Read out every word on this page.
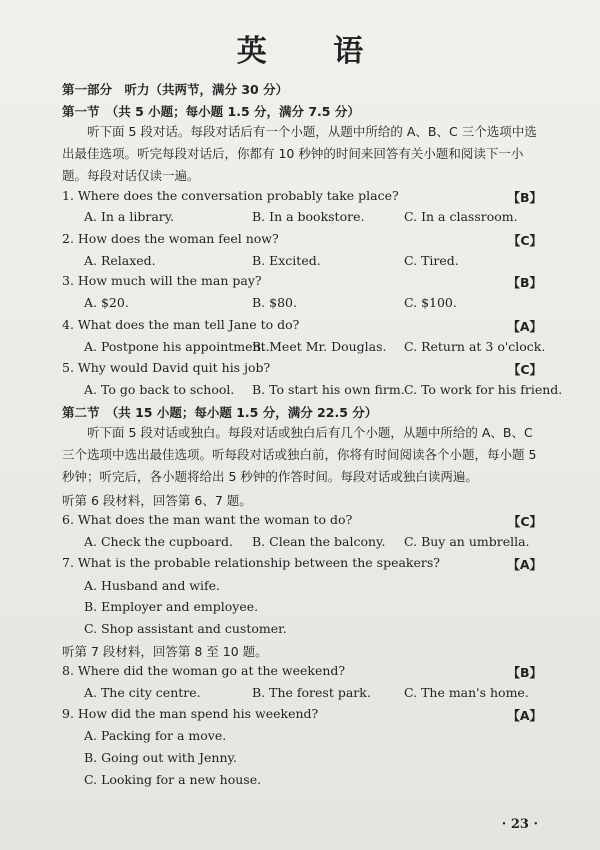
英 语
第一部分　听力（共两节，满分 30 分）
第一节　（共 5 小题；每小题 1.5 分，满分 7.5 分）
听下面 5 段对话。每段对话后有一个小题，从题中所给的 A、B、C 三个选项中选出最佳选项。听完每段对话后，你都有 10 秒钟的时间来回答有关小题和阅读下一小题。每段对话仅读一遍。
1. Where does the conversation probably take place?	【B】
A. In a library.	B. In a bookstore.	C. In a classroom.
2. How does the woman feel now?	【C】
A. Relaxed.	B. Excited.	C. Tired.
3. How much will the man pay?	【B】
A. $20.	B. $80.	C. $100.
4. What does the man tell Jane to do?	【A】
A. Postpone his appointment.
B. Meet Mr. Douglas. C. Return at 3 o'clock.
5. Why would David quit his job?	【C】
A. To go back to school. B. To start his own firm. C. To work for his friend.
第二节　（共 15 小题；每小题 1.5 分，满分 22.5 分）
听下面 5 段对话或独白。每段对话或独白后有几个小题，从题中所给的 A、B、C 三个选项中选出最佳选项。听每段对话或独白前，你将有时间阅读各个小题，每小题 5 秒钟；听完后，各小题将给出 5 秒钟的作答时间。每段对话或独白读两遍。
听第 6 段材料，回答第 6、7 题。
6. What does the man want the woman to do?	【C】
A. Check the cupboard. B. Clean the balcony. C. Buy an umbrella.
7. What is the probable relationship between the speakers?	【A】
A. Husband and wife.
B. Employer and employee.
C. Shop assistant and customer.
听第 7 段材料，回答第 8 至 10 题。
8. Where did the woman go at the weekend?	【B】
A. The city centre.	B. The forest park.	C. The man's home.
9. How did the man spend his weekend?	【A】
A. Packing for a move.
B. Going out with Jenny.
C. Looking for a new house.
· 23 ·
